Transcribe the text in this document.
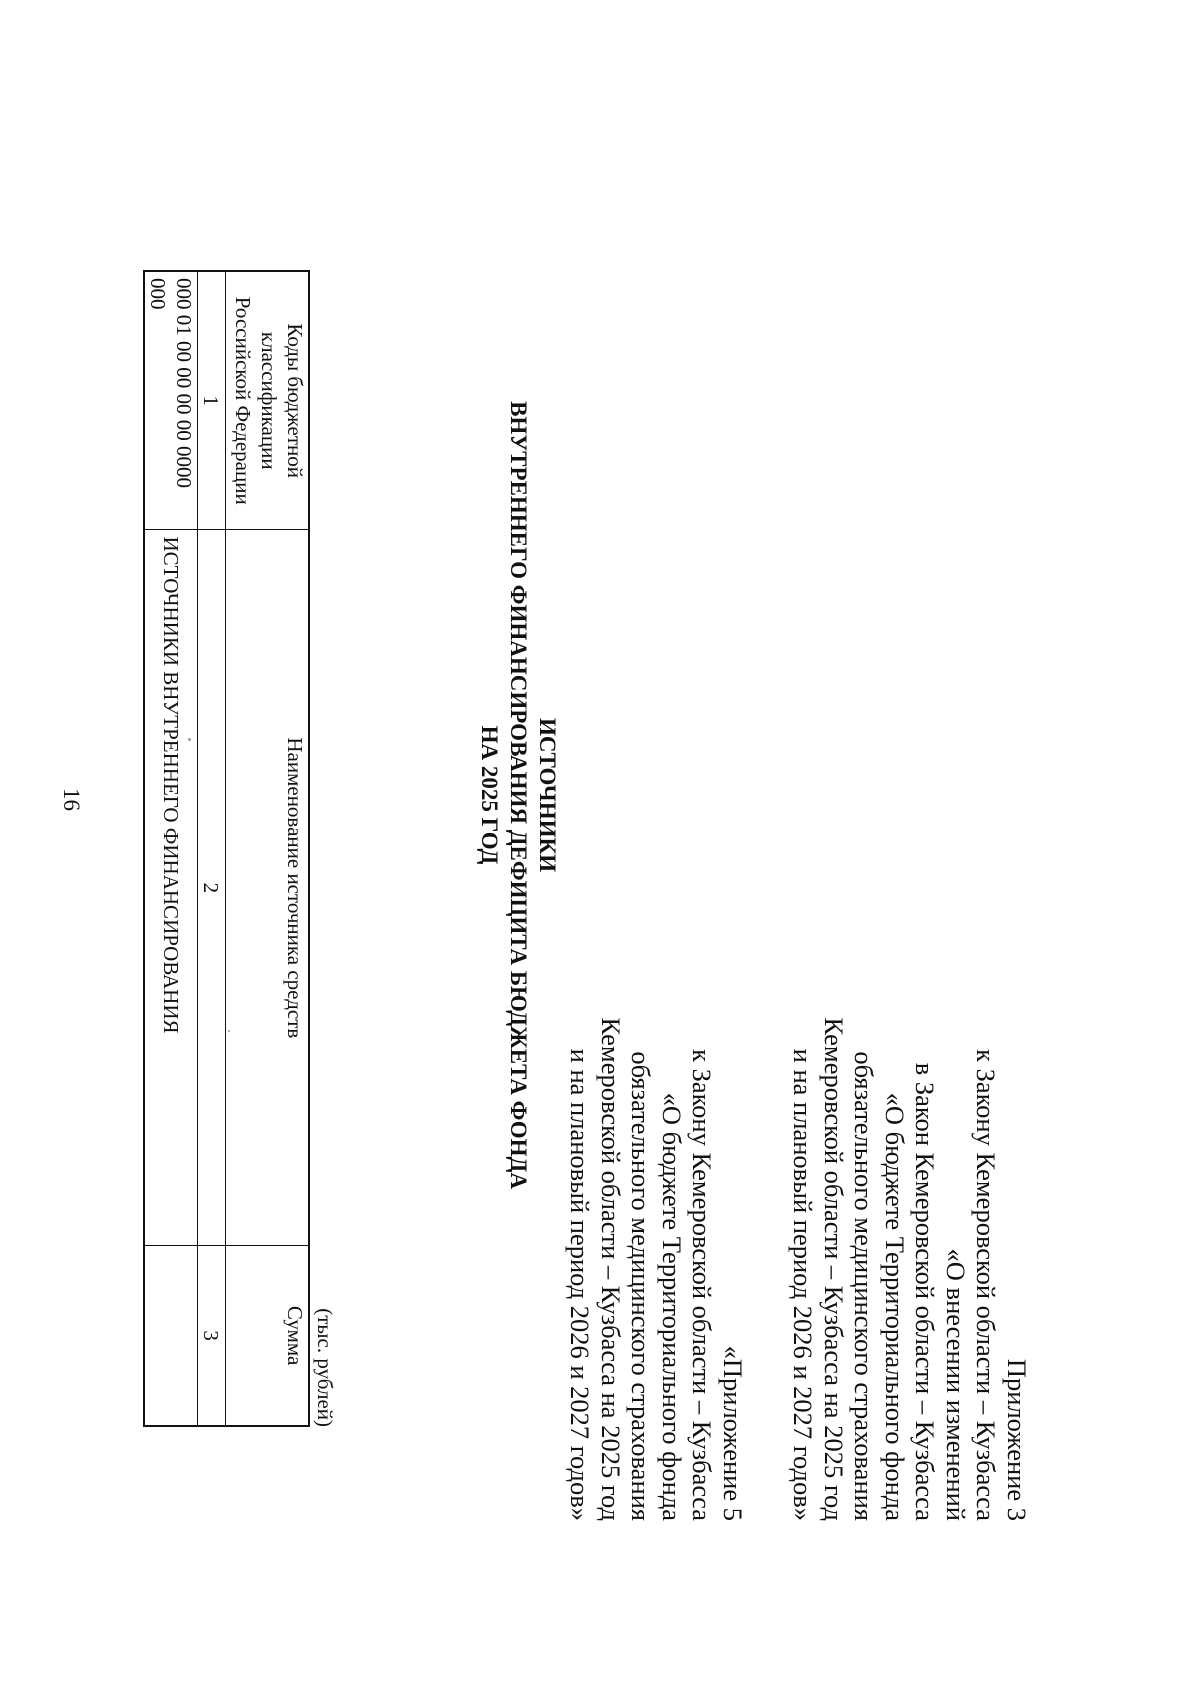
16
Приложение 3
к Закону Кемеровской области – Кузбасса
«О внесении изменений
в Закон Кемеровской области – Кузбасса
«О бюджете Территориального фонда
обязательного медицинского страхования
Кемеровской области – Кузбасса на 2025 год
и на плановый период 2026 и 2027 годов»
«Приложение 5
к Закону Кемеровской области – Кузбасса
«О бюджете Территориального фонда
обязательного медицинского страхования
Кемеровской области – Кузбасса на 2025 год
и на плановый период 2026 и 2027 годов»
ИСТОЧНИКИ
ВНУТРЕННЕГО ФИНАНСИРОВАНИЯ ДЕФИЦИТА БЮДЖЕТА ФОНДА
НА 2025 ГОД
(тыс. рублей)
Коды бюджетной
классификации
Российской Федерации	Наименование источника средств	Сумма
1	2	3
000 01 00 00 00 00 0000 000	ИСТОЧНИКИ ВНУТРЕННЕГО ФИНАНСИРОВАНИЯ	
